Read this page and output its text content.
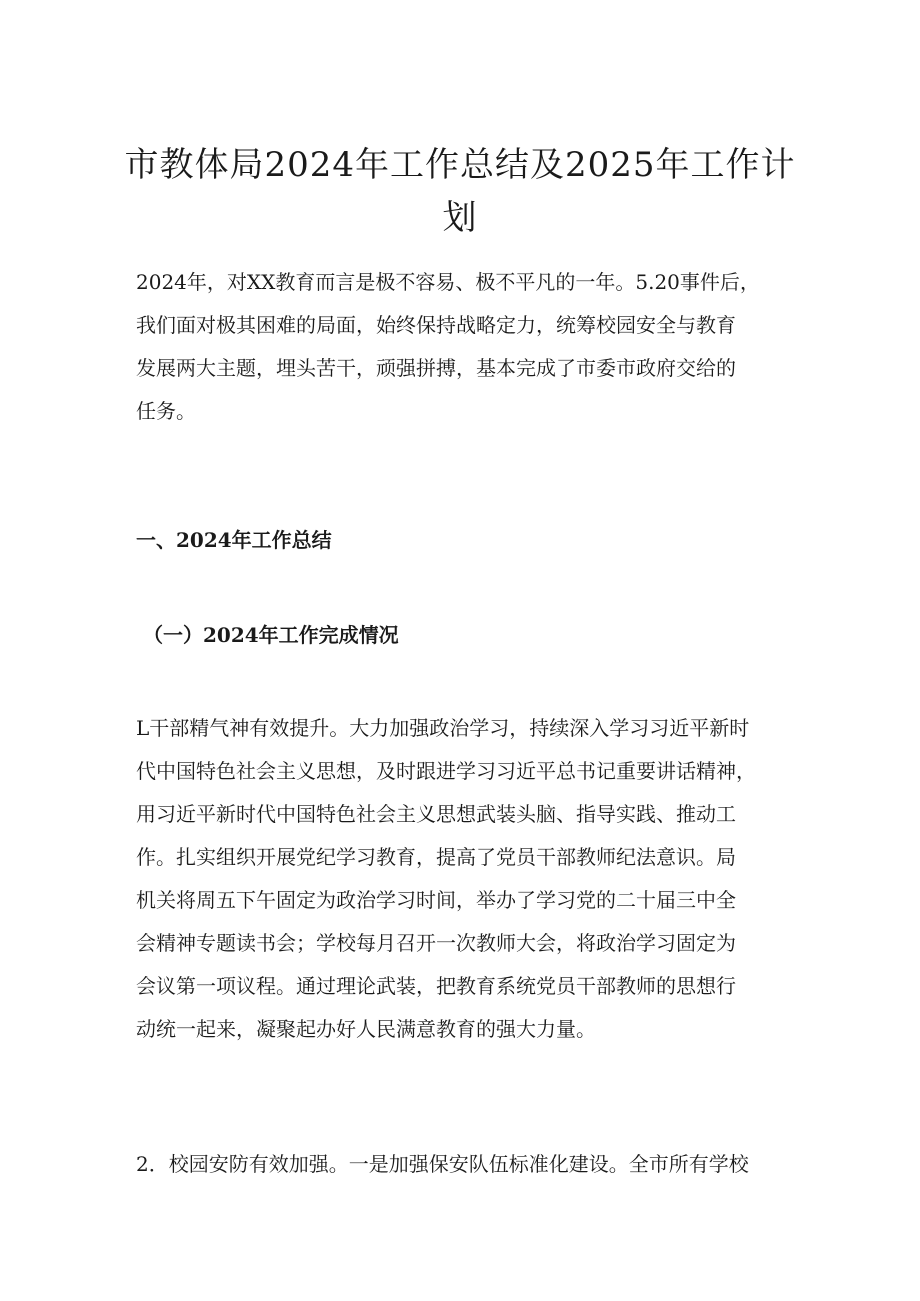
市教体局2024年工作总结及2025年工作计
划

2024年，对XX教育而言是极不容易、极不平凡的一年。5.20事件后，
我们面对极其困难的局面，始终保持战略定力，统筹校园安全与教育
发展两大主题，埋头苦干，顽强拼搏，基本完成了市委市政府交给的
任务。

一、2024年工作总结
（一）2024年工作完成情况

L干部精气神有效提升。大力加强政治学习，持续深入学习习近平新时
代中国特色社会主义思想，及时跟进学习习近平总书记重要讲话精神，
用习近平新时代中国特色社会主义思想武装头脑、指导实践、推动工
作。扎实组织开展党纪学习教育，提高了党员干部教师纪法意识。局
机关将周五下午固定为政治学习时间，举办了学习党的二十届三中全
会精神专题读书会；学校每月召开一次教师大会，将政治学习固定为
会议第一项议程。通过理论武装，把教育系统党员干部教师的思想行
动统一起来，凝聚起办好人民满意教育的强大力量。

2．校园安防有效加强。一是加强保安队伍标准化建设。全市所有学校
